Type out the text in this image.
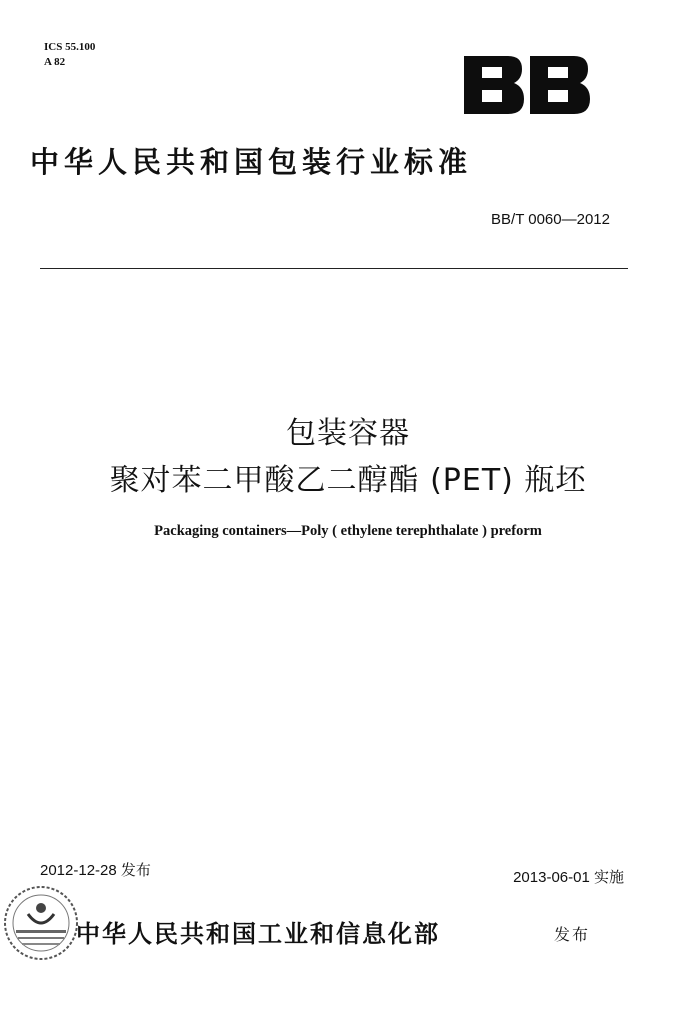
ICS 55.100
A 82
中华人民共和国包装行业标准
BB/T 0060—2012
包装容器
聚对苯二甲酸乙二醇酯 (PET) 瓶坯
Packaging containers—Poly ( ethylene terephthalate ) preform
2012-12-28 发布	2013-06-01 实施
中华人民共和国工业和信息化部	发布
